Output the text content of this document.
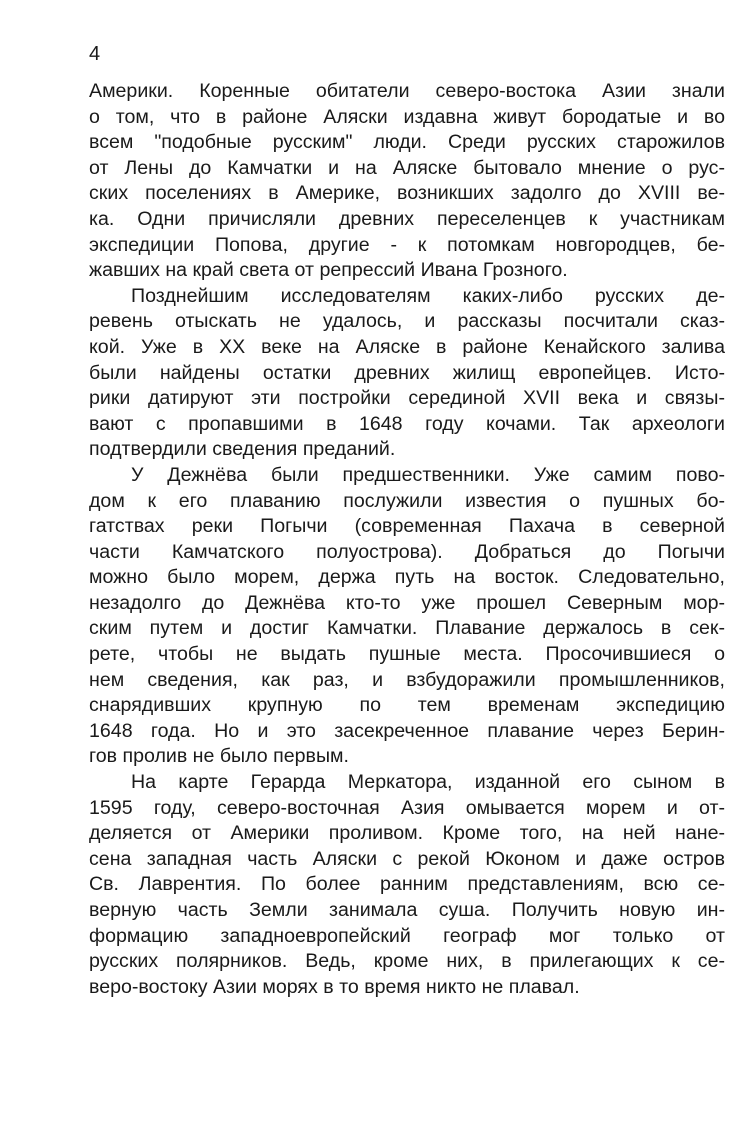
4
Америки. Коренные обитатели северо-востока Азии знали
о том, что в районе Аляски издавна живут бородатые и во
всем "подобные русским" люди. Среди русских старожилов
от Лены до Камчатки и на Аляске бытовало мнение о рус-
ских поселениях в Америке, возникших задолго до XVIII ве-
ка. Одни причисляли древних переселенцев к участникам
экспедиции Попова, другие - к потомкам новгородцев, бе-
жавших на край света от репрессий Ивана Грозного.
Позднейшим исследователям каких-либо русских де-
ревень отыскать не удалось, и рассказы посчитали сказ-
кой. Уже в XX веке на Аляске в районе Кенайского залива
были найдены остатки древних жилищ европейцев. Исто-
рики датируют эти постройки серединой XVII века и связы-
вают с пропавшими в 1648 году кочами. Так археологи
подтвердили сведения преданий.
У Дежнёва были предшественники. Уже самим пово-
дом к его плаванию послужили известия о пушных бо-
гатствах реки Погычи (современная Пахача в северной
части Камчатского полуострова). Добраться до Погычи
можно было морем, держа путь на восток. Следовательно,
незадолго до Дежнёва кто-то уже прошел Северным мор-
ским путем и достиг Камчатки. Плавание держалось в сек-
рете, чтобы не выдать пушные места. Просочившиеся о
нем сведения, как раз, и взбудоражили промышленников,
снарядивших крупную по тем временам экспедицию
1648 года. Но и это засекреченное плавание через Берин-
гов пролив не было первым.
На карте Герарда Меркатора, изданной его сыном в
1595 году, северо-восточная Азия омывается морем и от-
деляется от Америки проливом. Кроме того, на ней нане-
сена западная часть Аляски с рекой Юконом и даже остров
Св. Лаврентия. По более ранним представлениям, всю се-
верную часть Земли занимала суша. Получить новую ин-
формацию западноевропейский географ мог только от
русских полярников. Ведь, кроме них, в прилегающих к се-
веро-востоку Азии морях в то время никто не плавал.
